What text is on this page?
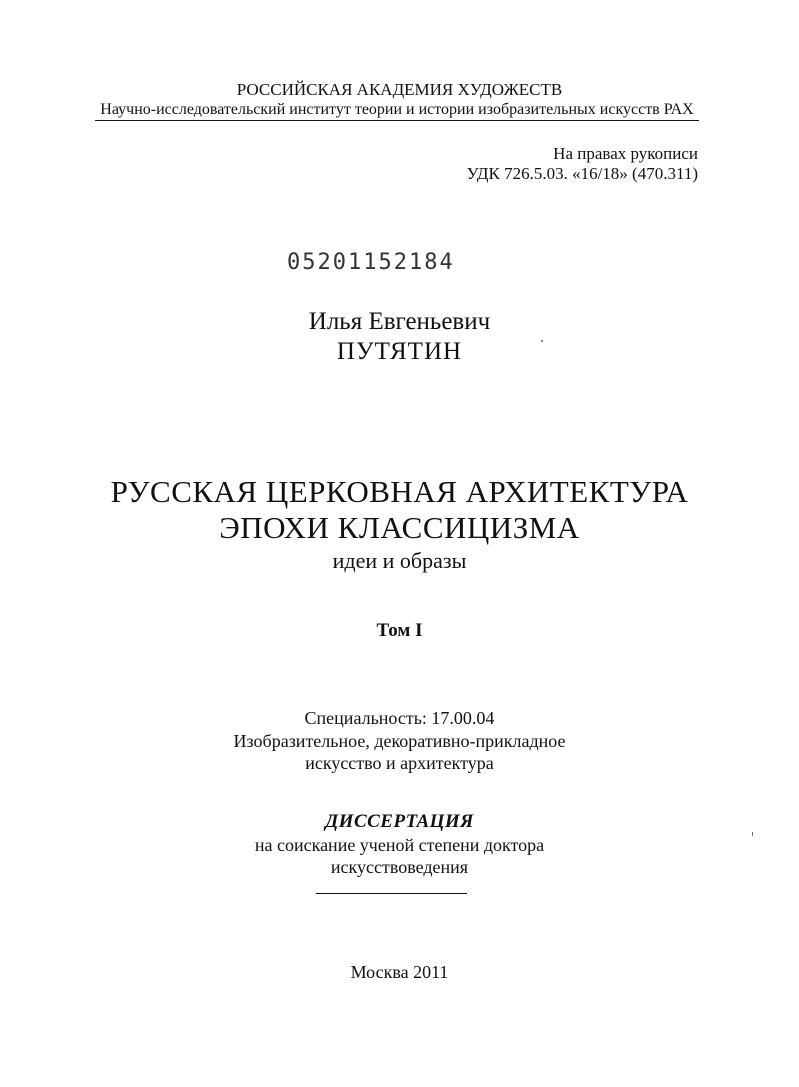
РОССИЙСКАЯ АКАДЕМИЯ ХУДОЖЕСТВ
Научно-исследовательский институт теории и истории изобразительных искусств РАХ
На правах рукописи
УДК 726.5.03. «16/18» (470.311)
05201152184
Илья Евгеньевич
ПУТЯТИН
РУССКАЯ ЦЕРКОВНАЯ АРХИТЕКТУРА
ЭПОХИ КЛАССИЦИЗМА
идеи и образы
Том I
Специальность: 17.00.04
Изобразительное, декоративно-прикладное
искусство и архитектура
ДИССЕРТАЦИЯ
на соискание ученой степени доктора
искусствоведения
Москва 2011
